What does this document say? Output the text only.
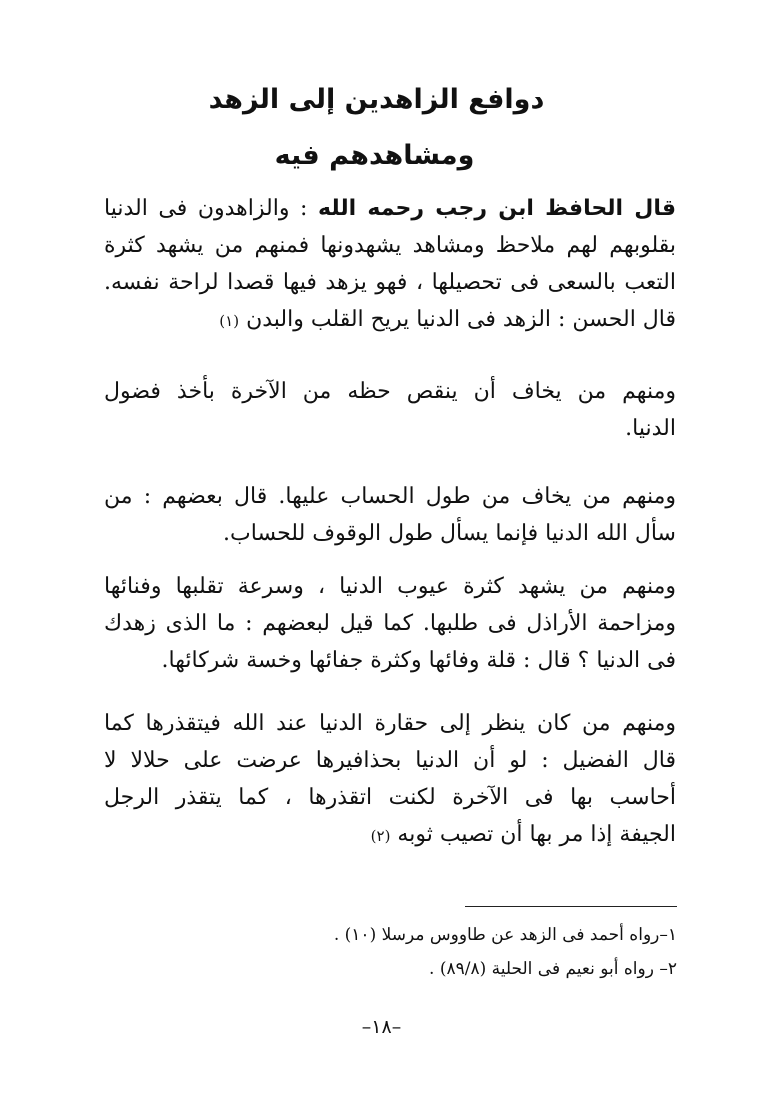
دوافع الزاهدين إلى الزهد
ومشاهدهم فيه
قال الحافظ ابن رجب رحمه الله : والزاهدون فى الدنيا
بقلوبهم لهم ملاحظ ومشاهد يشهدونها فمنهم من يشهد كثرة
التعب بالسعى فى تحصيلها ، فهو يزهد فيها قصدا لراحة نفسه.
قال الحسن : الزهد فى الدنيا يريح القلب والبدن (١)
ومنهم من يخاف أن ينقص حظه من الآخرة بأخذ فضول
الدنيا.
ومنهم من يخاف من طول الحساب عليها. قال بعضهم : من
سأل الله الدنيا فإنما يسأل طول الوقوف للحساب.
ومنهم من يشهد كثرة عيوب الدنيا ، وسرعة تقلبها وفنائها
ومزاحمة الأراذل فى طلبها. كما قيل لبعضهم : ما الذى زهدك
فى الدنيا ؟ قال : قلة وفائها وكثرة جفائها وخسة شركائها.
ومنهم من كان ينظر إلى حقارة الدنيا عند الله فيتقذرها كما
قال الفضيل : لو أن الدنيا بحذافيرها عرضت على حلالا لا
أحاسب بها فى الآخرة لكنت اتقذرها ، كما يتقذر الرجل
الجيفة إذا مر بها أن تصيب ثوبه (٢)
١–رواه أحمد فى الزهد عن طاووس مرسلا (١٠) .
٢– رواه أبو نعيم فى الحلية (٨٩/٨) .
–١٨–
